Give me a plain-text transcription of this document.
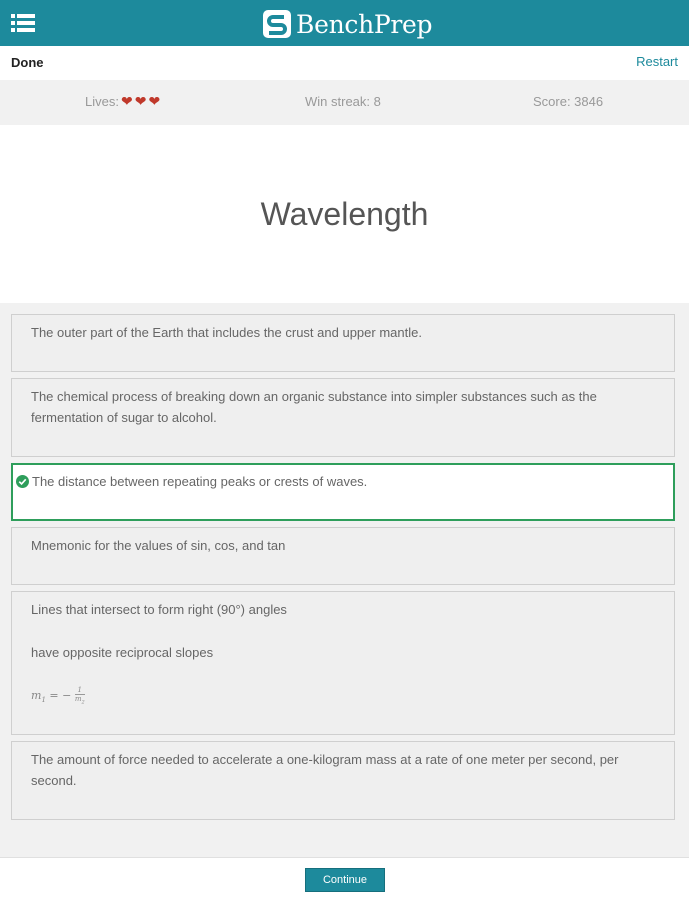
BenchPrep
Done	Restart
Lives: ❤ ❤ ❤	Win streak: 8	Score: 3846
Wavelength

The outer part of the Earth that includes the crust and upper mantle.

The chemical process of breaking down an organic substance into simpler substances such as the fermentation of sugar to alcohol.

The distance between repeating peaks or crests of waves.

Mnemonic for the values of sin, cos, and tan

Lines that intersect to form right (90°) angles

have opposite reciprocal slopes

$m_1$ = − $\frac{1}{m_2}$

The amount of force needed to accelerate a one-kilogram mass at a rate of one meter per second, per second.

Continue
